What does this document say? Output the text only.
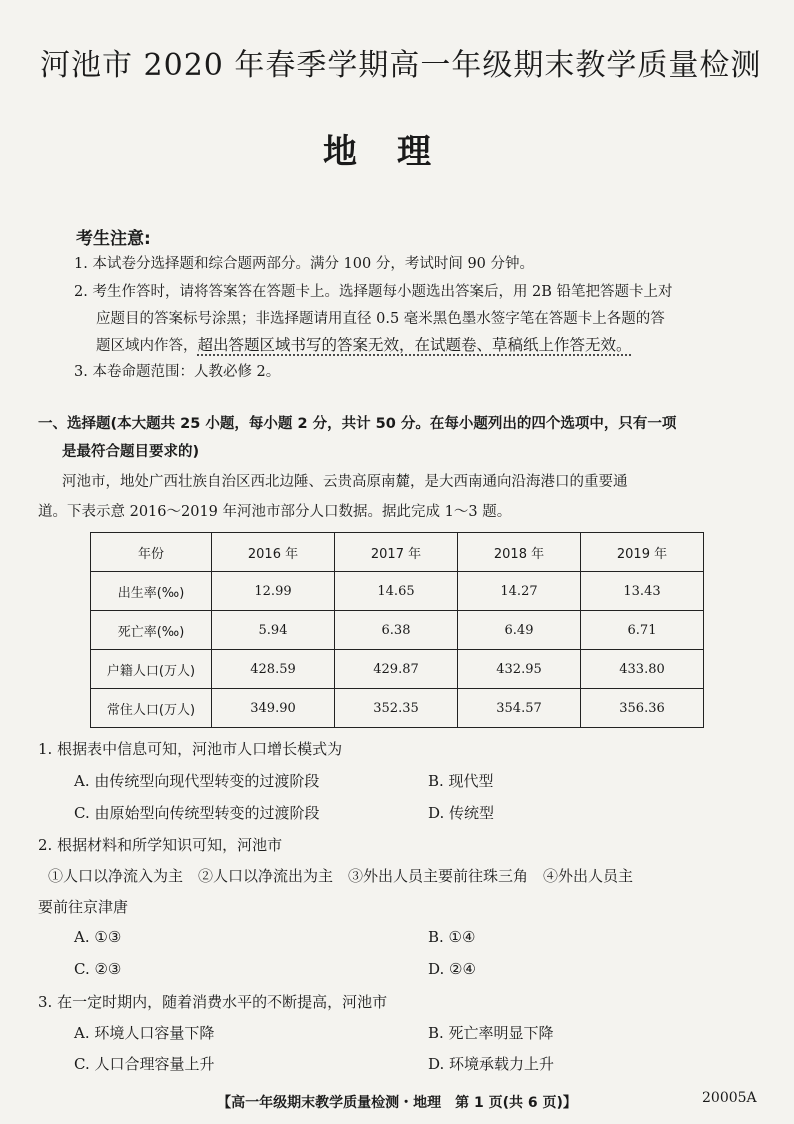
河池市 2020 年春季学期高一年级期末教学质量检测
地理
考生注意:
1. 本试卷分选择题和综合题两部分。满分 100 分，考试时间 90 分钟。
2. 考生作答时，请将答案答在答题卡上。选择题每小题选出答案后，用 2B 铅笔把答题卡上对
应题目的答案标号涂黑；非选择题请用直径 0.5 毫米黑色墨水签字笔在答题卡上各题的答
题区域内作答，超出答题区域书写的答案无效，在试题卷、草稿纸上作答无效。
3. 本卷命题范围：人教必修 2。
一、选择题(本大题共 25 小题，每小题 2 分，共计 50 分。在每小题列出的四个选项中，只有一项
是最符合题目要求的)
河池市，地处广西壮族自治区西北边陲、云贵高原南麓，是大西南通向沿海港口的重要通
道。下表示意 2016～2019 年河池市部分人口数据。据此完成 1～3 题。
年份	2016 年	2017 年	2018 年	2019 年
出生率(‰)	12.99	14.65	14.27	13.43
死亡率(‰)	5.94	6.38	6.49	6.71
户籍人口(万人)	428.59	429.87	432.95	433.80
常住人口(万人)	349.90	352.35	354.57	356.36
1. 根据表中信息可知，河池市人口增长模式为
A. 由传统型向现代型转变的过渡阶段	B. 现代型
C. 由原始型向传统型转变的过渡阶段	D. 传统型
2. 根据材料和所学知识可知，河池市
①人口以净流入为主　②人口以净流出为主　③外出人员主要前往珠三角　④外出人员主
要前往京津唐
A. ①③	B. ①④
C. ②③	D. ②④
3. 在一定时期内，随着消费水平的不断提高，河池市
A. 环境人口容量下降	B. 死亡率明显下降
C. 人口合理容量上升	D. 环境承载力上升
【高一年级期末教学质量检测・地理　第 1 页(共 6 页)】	20005A
